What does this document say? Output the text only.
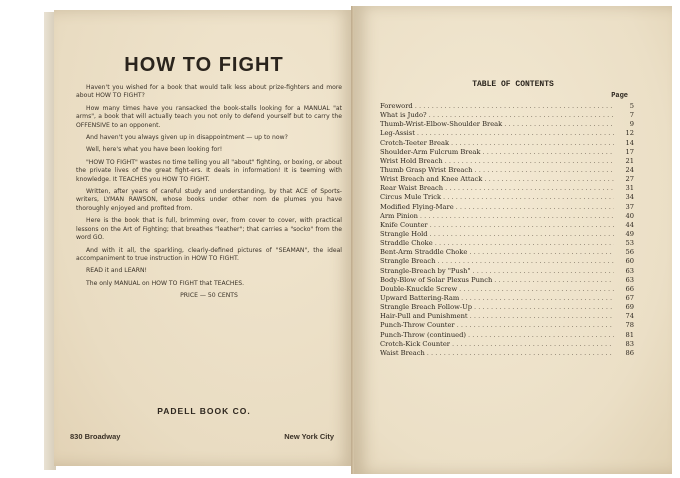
HOW TO FIGHT

Haven't you wished for a book that would talk less about prize-fighters and more about HOW TO FIGHT?

How many times have you ransacked the book-stalls looking for a MANUAL "at arms", a book that will actually teach you not only to defend yourself but to carry the OFFENSIVE to an opponent.

And haven't you always given up in disappointment — up to now?

Well, here's what you have been looking for!

"HOW TO FIGHT" wastes no time telling you all "about" fighting, or boxing, or about the private lives of the great fight-ers. It deals in information! It is teeming with knowledge. It TEACHES you HOW TO FIGHT.

Written, after years of careful study and understanding, by that ACE of Sports-writers, LYMAN RAWSON, whose books under other nom de plumes you have thoroughly enjoyed and profited from.

Here is the book that is full, brimming over, from cover to cover, with practical lessons on the Art of Fighting; that breathes "leather"; that carries a "socko" from the word GO.

And with it all, the sparkling, clearly-defined pictures of "SEAMAN", the ideal accompaniment to true instruction in HOW TO FIGHT.

READ it and LEARN!

The only MANUAL on HOW TO FIGHT that TEACHES.

PRICE — 50 CENTS

PADELL BOOK CO.
830 Broadway	New York City
TABLE OF CONTENTS
Page
Foreword . . .	5
What is Judo? . . .	7
Thumb-Wrist-Elbow-Shoulder Break . . .	9
Leg-Assist . . .	12
Crotch-Teeter Break . . .	14
Shoulder-Arm Fulcrum Break . . .	17
Wrist Hold Breach . . .	21
Thumb Grasp Wrist Breach . . .	24
Wrist Breach and Knee Attack . . .	27
Rear Waist Breach . . .	31
Circus Mule Trick . . .	34
Modified Flying-Mare . . .	37
Arm Pinion . . .	40
Knife Counter . . .	44
Strangle Hold . . .	49
Straddle Choke . . .	53
Bent-Arm Straddle Choke . . .	56
Strangle Breach . . .	60
Strangle-Breach by "Push" . . .	63
Body-Blow of Solar Plexus Punch . . .	63
Double-Knuckle Screw . . .	66
Upward Battering-Ram . . .	67
Strangle Breach Follow-Up . . .	69
Hair-Pull and Punishment . . .	74
Punch-Throw Counter . . .	78
Punch-Throw (continued) . . .	81
Crotch-Kick Counter . . .	83
Waist Breach . . .	86
